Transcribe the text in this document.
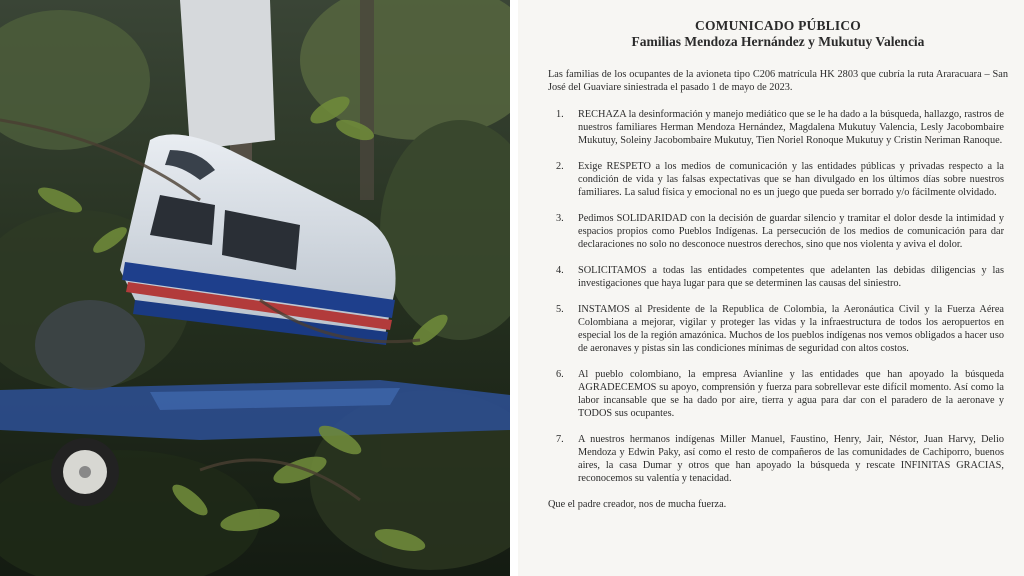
COMUNICADO PÚBLICO
Familias Mendoza Hernández y Mukutuy Valencia
Las familias de los ocupantes de la avioneta tipo C206 matrícula HK 2803 que cubría la ruta Araracuara – San José del Guaviare siniestrada el pasado 1 de mayo de 2023.
1.	RECHAZA la desinformación y manejo mediático que se le ha dado a la búsqueda, hallazgo, rastros de nuestros familiares Herman Mendoza Hernández, Magdalena Mukutuy Valencia, Lesly Jacobombaire Mukutuy, Soleiny Jacobombaire Mukutuy, Tien Noriel Ronoque Mukutuy y Cristin Neriman Ranoque.
2.	Exige RESPETO a los medios de comunicación y las entidades públicas y privadas respecto a la condición de vida y las falsas expectativas que se han divulgado en los últimos días sobre nuestros familiares. La salud física y emocional no es un juego que pueda ser borrado y/o fácilmente olvidado.
3.	Pedimos SOLIDARIDAD con la decisión de guardar silencio y tramitar el dolor desde la intimidad y espacios propios como Pueblos Indígenas. La persecución de los medios de comunicación para dar declaraciones no solo no desconoce nuestros derechos, sino que nos violenta y aviva el dolor.
4.	SOLICITAMOS a todas las entidades competentes que adelanten las debidas diligencias y las investigaciones que haya lugar para que se determinen las causas del siniestro.
5.	INSTAMOS al Presidente de la Republica de Colombia, la Aeronáutica Civil y la Fuerza Aérea Colombiana a mejorar, vigilar y proteger las vidas y la infraestructura de todos los aeropuertos en especial los de la región amazónica. Muchos de los pueblos indígenas nos vemos obligados a hacer uso de aeronaves y pistas sin las condiciones mínimas de seguridad con altos costos.
6.	Al pueblo colombiano, la empresa Avianline y las entidades que han apoyado la búsqueda AGRADECEMOS su apoyo, comprensión y fuerza para sobrellevar este difícil momento. Así como la labor incansable que se ha dado por aire, tierra y agua para dar con el paradero de la aeronave y TODOS sus ocupantes.
7.	A nuestros hermanos indígenas Miller Manuel, Faustino, Henry, Jair, Néstor, Juan Harvy, Delio Mendoza y Edwin Paky, así como el resto de compañeros de las comunidades de Cachiporro, buenos aires, la casa Dumar y otros que han apoyado la búsqueda y rescate INFINITAS GRACIAS, reconocemos su valentía y tenacidad.
Que el padre creador, nos de mucha fuerza.
